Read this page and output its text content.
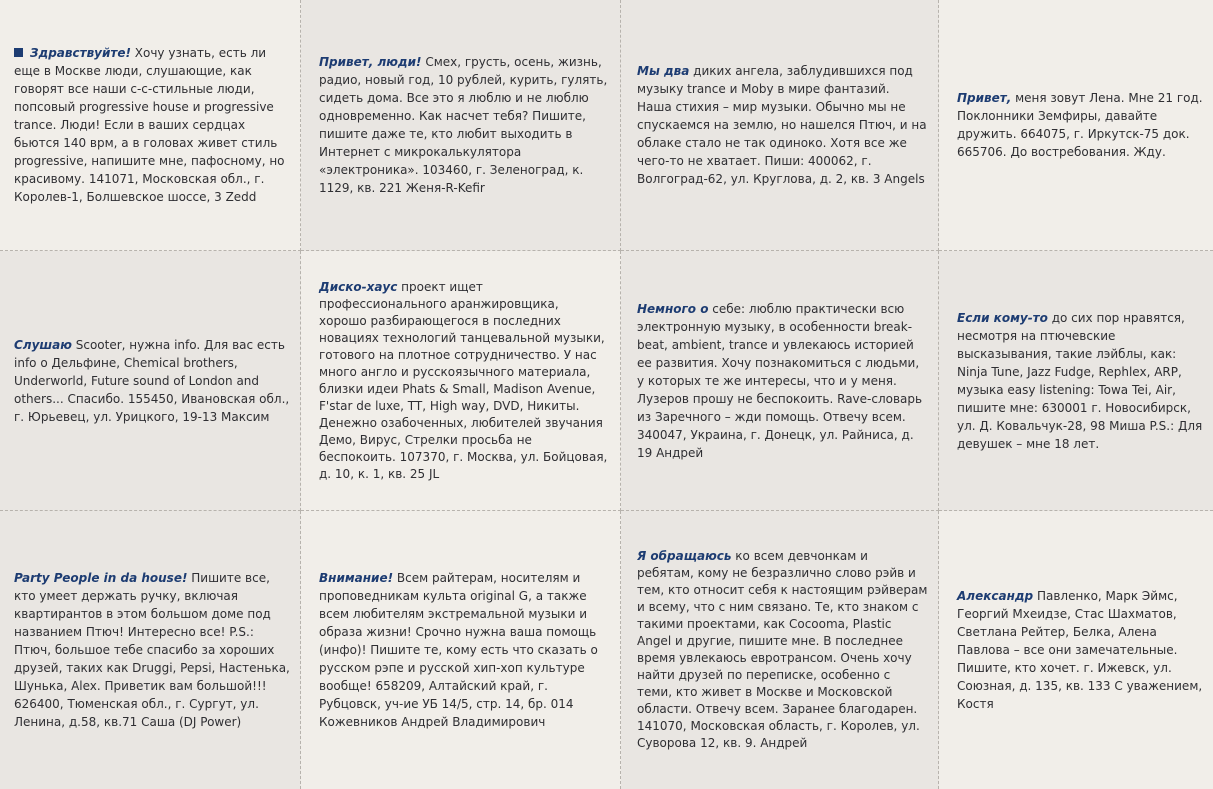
Здравствуйте! Хочу узнать, есть ли еще в Москве люди, слушающие, как говорят все наши с-с-стильные люди, попсовый progressive house и progressive trance. Люди! Если в ваших сердцах бьются 140 врм, а в головах живет стиль progressive, напишите мне, пафосному, но красивому. 141071, Московская обл., г. Королев-1, Болшевское шоссе, 3 Zedd

Привет, люди! Смех, грусть, осень, жизнь, радио, новый год, 10 рублей, курить, гулять, сидеть дома. Все это я люблю и не люблю одновременно. Как насчет тебя? Пишите, пишите даже те, кто любит выходить в Интернет с микрокалькулятора «электроника». 103460, г. Зеленоград, к. 1129, кв. 221 Женя-R-Kefir

Мы два диких ангела, заблудившихся под музыку trance и Moby в мире фантазий. Наша стихия – мир музыки. Обычно мы не спускаемся на землю, но нашелся Птюч, и на облаке стало не так одиноко. Хотя все же чего-то не хватает. Пиши: 400062, г. Волгоград-62, ул. Круглова, д. 2, кв. 3 Angels

Привет, меня зовут Лена. Мне 21 год. Поклонники Земфиры, давайте дружить. 664075, г. Иркутск-75 док. 665706. До востребования. Жду.

Слушаю Scooter, нужна info. Для вас есть info о Дельфине, Chemical brothers, Underworld, Future sound of London and others... Спасибо. 155450, Ивановская обл., г. Юрьевец, ул. Урицкого, 19-13 Максим

Диско-хаус проект ищет профессионального аранжировщика, хорошо разбирающегося в последних новациях технологий танцевальной музыки, готового на плотное сотрудничество. У нас много англо и русскоязычного материала, близки идеи Phats & Small, Madison Avenue, F'star de luxe, TT, High way, DVD, Никиты. Денежно озабоченных, любителей звучания Демо, Вирус, Стрелки просьба не беспокоить. 107370, г. Москва, ул. Бойцовая, д. 10, к. 1, кв. 25 JL

Немного о себе: люблю практически всю электронную музыку, в особенности break-beat, ambient, trance и увлекаюсь историей ее развития. Хочу познакомиться с людьми, у которых те же интересы, что и у меня. Лузеров прошу не беспокоить. Rave-словарь из Заречного – жди помощь. Отвечу всем. 340047, Украина, г. Донецк, ул. Райниса, д. 19 Андрей

Если кому-то до сих пор нравятся, несмотря на птючевские высказывания, такие лэйблы, как: Ninja Tune, Jazz Fudge, Rephlex, ARP, музыка easy listening: Towa Tei, Air, пишите мне: 630001 г. Новосибирск, ул. Д. Ковальчук-28, 98 Миша P.S.: Для девушек – мне 18 лет.

Party People in da house! Пишите все, кто умеет держать ручку, включая квартирантов в этом большом доме под названием Птюч! Интересно все! P.S.: Птюч, большое тебе спасибо за хороших друзей, таких как Druggi, Pepsi, Настенька, Шунька, Alex. Приветик вам большой!!! 626400, Тюменская обл., г. Сургут, ул. Ленина, д.58, кв.71 Саша (DJ Power)

Внимание! Всем райтерам, носителям и проповедникам культа original G, а также всем любителям экстремальной музыки и образа жизни! Срочно нужна ваша помощь (инфо)! Пишите те, кому есть что сказать о русском рэпе и русской хип-хоп культуре вообще! 658209, Алтайский край, г. Рубцовск, уч-ие УБ 14/5, стр. 14, бр. 014 Кожевников Андрей Владимирович

Я обращаюсь ко всем девчонкам и ребятам, кому не безразлично слово рэйв и тем, кто относит себя к настоящим рэйверам и всему, что с ним связано. Те, кто знаком с такими проектами, как Cocooma, Plastic Angel и другие, пишите мне. В последнее время увлекаюсь евротрансом. Очень хочу найти друзей по переписке, особенно с теми, кто живет в Москве и Московской области. Отвечу всем. Заранее благодарен. 141070, Московская область, г. Королев, ул. Суворова 12, кв. 9. Андрей

Александр Павленко, Марк Эймс, Георгий Мхеидзе, Стас Шахматов, Светлана Рейтер, Белка, Алена Павлова – все они замечательные. Пишите, кто хочет. г. Ижевск, ул. Союзная, д. 135, кв. 133 С уважением, Костя
